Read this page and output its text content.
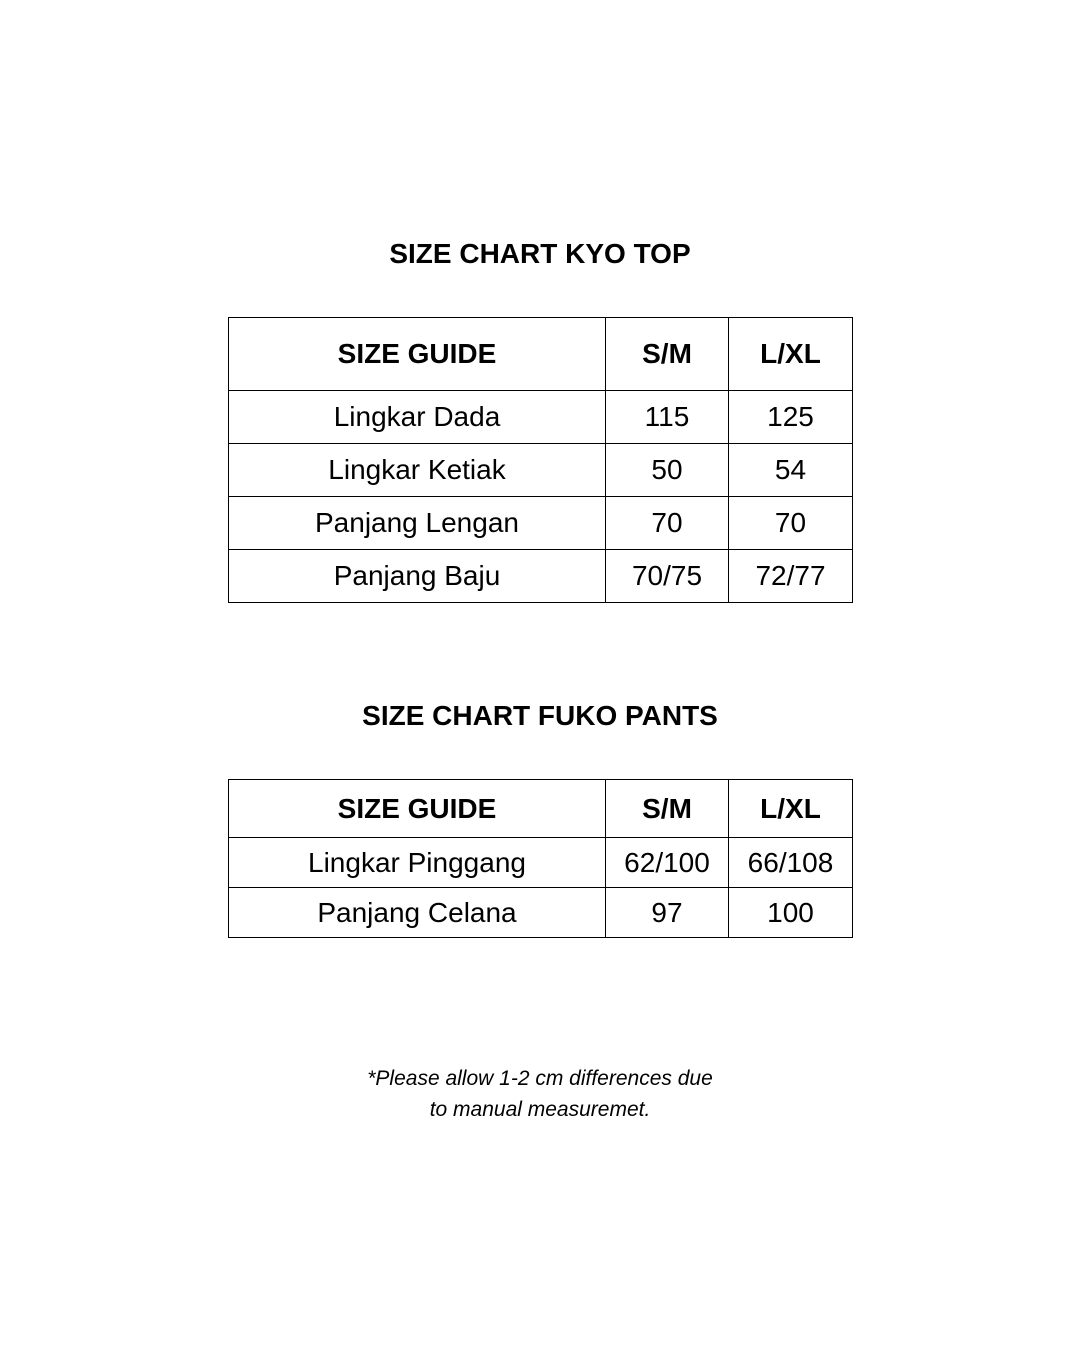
SIZE CHART KYO TOP
SIZE GUIDE	S/M	L/XL
Lingkar Dada	115	125
Lingkar Ketiak	50	54
Panjang Lengan	70	70
Panjang Baju	70/75	72/77
SIZE CHART FUKO PANTS
SIZE GUIDE	S/M	L/XL
Lingkar Pinggang	62/100	66/108
Panjang Celana	97	100
*Please allow 1-2 cm differences due
to manual measuremet.
